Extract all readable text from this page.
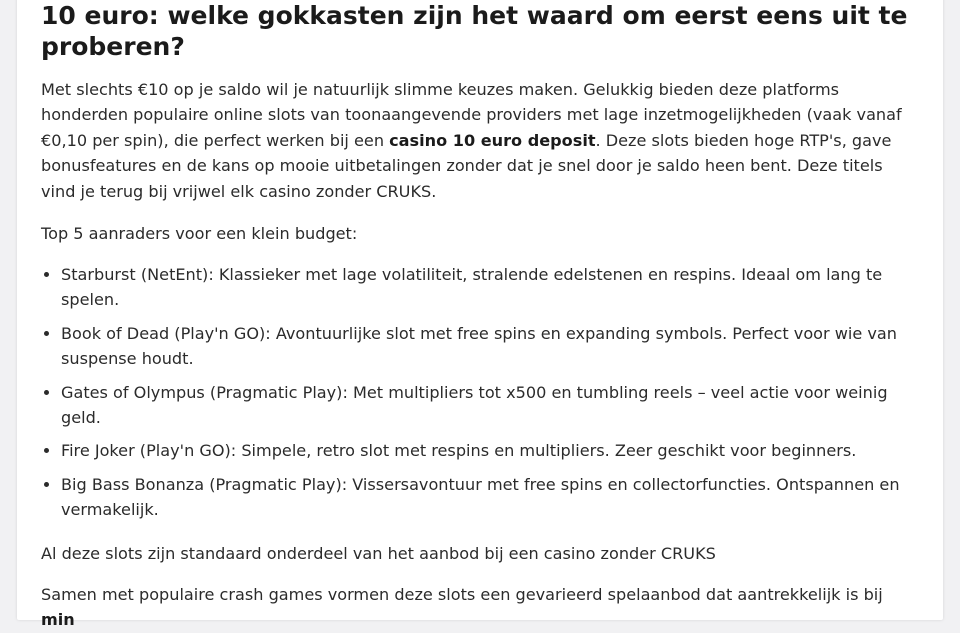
10 euro: welke gokkasten zijn het waard om eerst eens uit te proberen?

Met slechts €10 op je saldo wil je natuurlijk slimme keuzes maken. Gelukkig bieden deze platforms honderden populaire online slots van toonaangevende providers met lage inzetmogelijkheden (vaak vanaf €0,10 per spin), die perfect werken bij een casino 10 euro deposit. Deze slots bieden hoge RTP's, gave bonusfeatures en de kans op mooie uitbetalingen zonder dat je snel door je saldo heen bent. Deze titels vind je terug bij vrijwel elk casino zonder CRUKS.

Top 5 aanraders voor een klein budget:

• Starburst (NetEnt): Klassieker met lage volatiliteit, stralende edelstenen en respins. Ideaal om lang te spelen.
• Book of Dead (Play'n GO): Avontuurlijke slot met free spins en expanding symbols. Perfect voor wie van suspense houdt.
• Gates of Olympus (Pragmatic Play): Met multipliers tot x500 en tumbling reels – veel actie voor weinig geld.
• Fire Joker (Play'n GO): Simpele, retro slot met respins en multipliers. Zeer geschikt voor beginners.
• Big Bass Bonanza (Pragmatic Play): Vissersavontuur met free spins en collectorfuncties. Ontspannen en vermakelijk.

Al deze slots zijn standaard onderdeel van het aanbod bij een casino zonder CRUKS

Samen met populaire crash games vormen deze slots een gevarieerd spelaanbod dat aantrekkelijk is bij min
